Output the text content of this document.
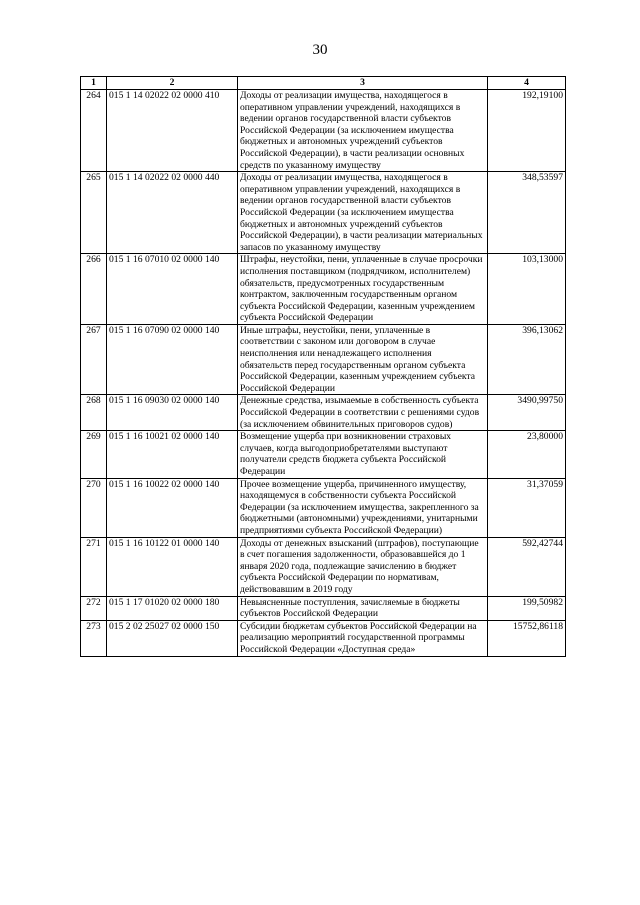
30
1	2	3	4
264	015 1 14 02022 02 0000 410	Доходы от реализации имущества, находящегося в оперативном управлении учреждений, находящихся в ведении органов государственной власти субъектов Российской Федерации (за исключением имущества бюджетных и автономных учреждений субъектов Российской Федерации), в части реализации основных средств по указанному имуществу	192,19100
265	015 1 14 02022 02 0000 440	Доходы от реализации имущества, находящегося в оперативном управлении учреждений, находящихся в ведении органов государственной власти субъектов Российской Федерации (за исключением имущества бюджетных и автономных учреждений субъектов Российской Федерации), в части реализации материальных запасов по указанному имуществу	348,53597
266	015 1 16 07010 02 0000 140	Штрафы, неустойки, пени, уплаченные в случае просрочки исполнения поставщиком (подрядчиком, исполнителем) обязательств, предусмотренных государственным контрактом, заключенным государственным органом субъекта Российской Федерации, казенным учреждением субъекта Российской Федерации	103,13000
267	015 1 16 07090 02 0000 140	Иные штрафы, неустойки, пени, уплаченные в соответствии с законом или договором в случае неисполнения или ненадлежащего исполнения обязательств перед государственным органом субъекта Российской Федерации, казенным учреждением субъекта Российской Федерации	396,13062
268	015 1 16 09030 02 0000 140	Денежные средства, изымаемые в собственность субъекта Российской Федерации в соответствии с решениями судов (за исключением обвинительных приговоров судов)	3490,99750
269	015 1 16 10021 02 0000 140	Возмещение ущерба при возникновении страховых случаев, когда выгодоприобретателями выступают получатели средств бюджета субъекта Российской Федерации	23,80000
270	015 1 16 10022 02 0000 140	Прочее возмещение ущерба, причиненного имуществу, находящемуся в собственности субъекта Российской Федерации (за исключением имущества, закрепленного за бюджетными (автономными) учреждениями, унитарными предприятиями субъекта Российской Федерации)	31,37059
271	015 1 16 10122 01 0000 140	Доходы от денежных взысканий (штрафов), поступающие в счет погашения задолженности, образовавшейся до 1 января 2020 года, подлежащие зачислению в бюджет субъекта Российской Федерации по нормативам, действовавшим в 2019 году	592,42744
272	015 1 17 01020 02 0000 180	Невыясненные поступления, зачисляемые в бюджеты субъектов Российской Федерации	199,50982
273	015 2 02 25027 02 0000 150	Субсидии бюджетам субъектов Российской Федерации на реализацию мероприятий государственной программы Российской Федерации «Доступная среда»	15752,86118
